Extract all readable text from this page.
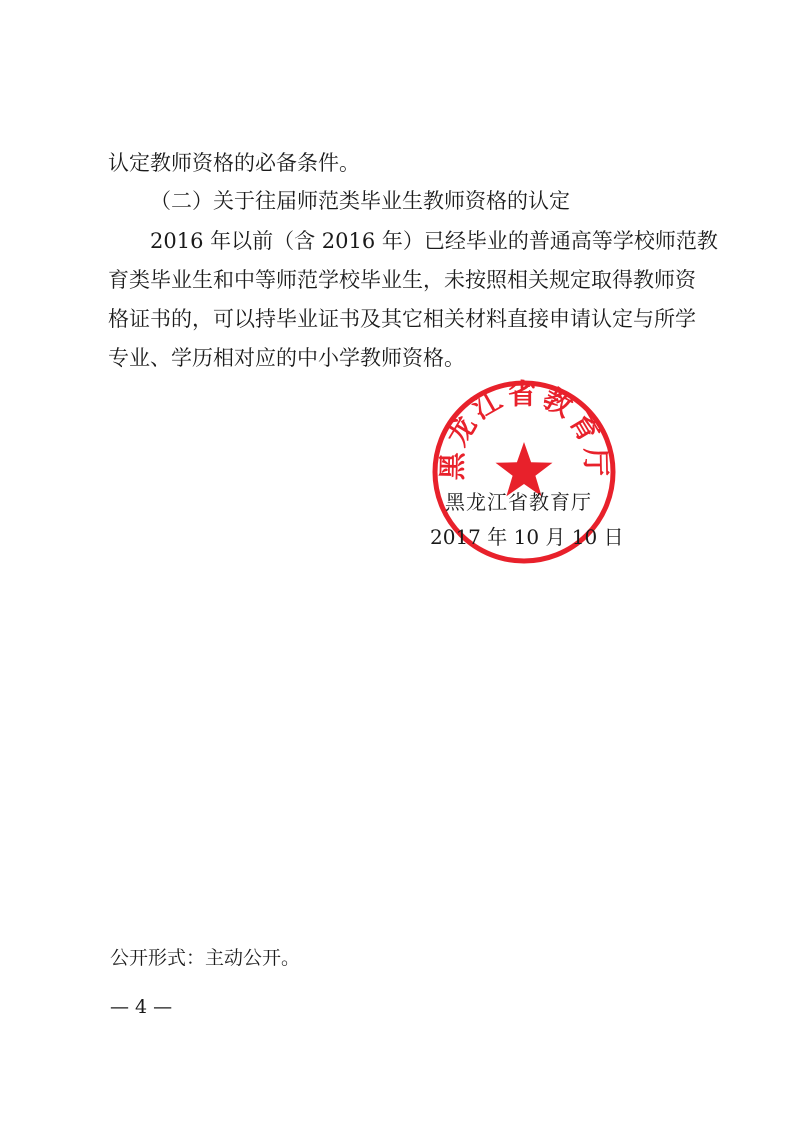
认定教师资格的必备条件。
（二）关于往届师范类毕业生教师资格的认定
2016 年以前（含 2016 年）已经毕业的普通高等学校师范教
育类毕业生和中等师范学校毕业生，未按照相关规定取得教师资
格证书的，可以持毕业证书及其它相关材料直接申请认定与所学
专业、学历相对应的中小学教师资格。
黑龙江省教育厅
黑龙江省教育厅
2017 年 10 月 10 日
公开形式：主动公开。
— 4 —
